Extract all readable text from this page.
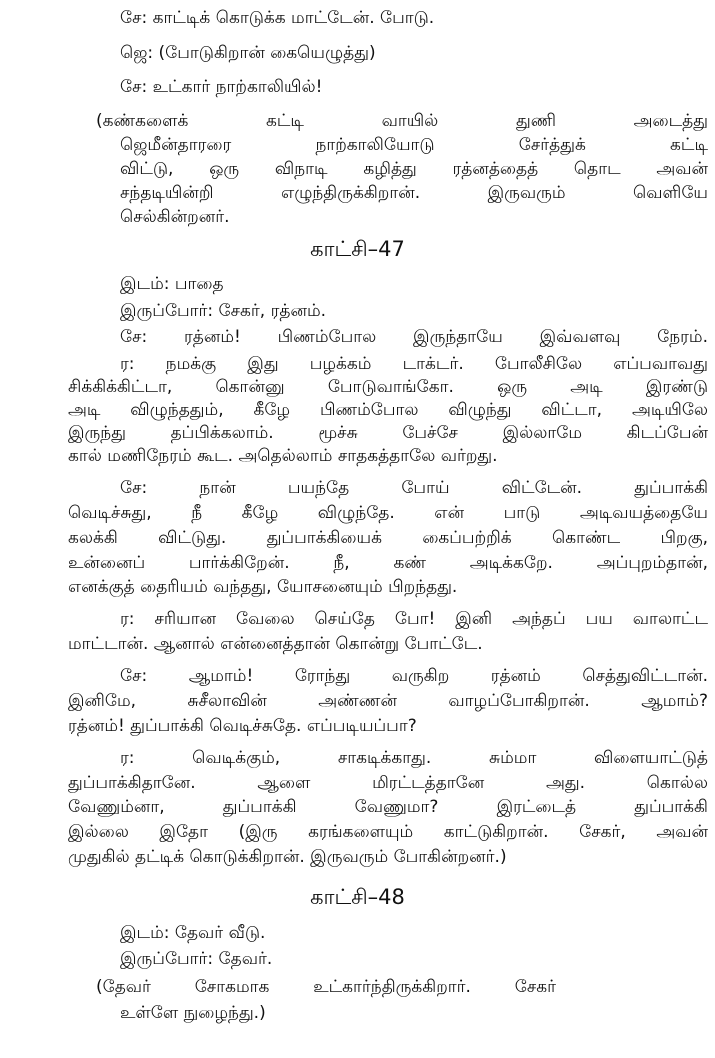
சே: காட்டிக் கொடுக்க மாட்டேன். போடு.
ஜெ: (போடுகிறான் கையெழுத்து)
சே: உட்கார் நாற்காலியில்!
(கண்களைக் கட்டி வாயில் துணி அடைத்து
ஜெமீன்தாரரை நாற்காலியோடு சேர்த்துக் கட்டி
விட்டு, ஒரு விநாடி கழித்து ரத்னத்தைத் தொட அவன்
சந்தடியின்றி எழுந்திருக்கிறான். இருவரும் வெளியே
செல்கின்றனர்.
காட்சி–47
இடம்: பாதை
இருப்போர்: சேகர், ரத்னம்.
சே: ரத்னம்! பிணம்போல இருந்தாயே இவ்வளவு நேரம்.
ர: நமக்கு இது பழக்கம் டாக்டர். போலீசிலே எப்பவாவது
சிக்கிக்கிட்டா, கொன்னு போடுவாங்கோ. ஒரு அடி இரண்டு
அடி விழுந்ததும், கீழே பிணம்போல விழுந்து விட்டா, அடியிலே
இருந்து தப்பிக்கலாம். மூச்சு பேச்சே இல்லாமே கிடப்பேன்
கால் மணிநேரம் கூட. அதெல்லாம் சாதகத்தாலே வர்றது.
சே: நான் பயந்தே போய் விட்டேன். துப்பாக்கி
வெடிச்சுது, நீ கீழே விழுந்தே. என் பாடு அடிவயத்தையே
கலக்கி விட்டுது. துப்பாக்கியைக் கைப்பற்றிக் கொண்ட பிறகு,
உன்னைப் பார்க்கிறேன். நீ, கண் அடிக்கறே. அப்புறம்தான்,
எனக்குத் தைரியம் வந்தது, யோசனையும் பிறந்தது.
ர: சரியான வேலை செய்தே போ! இனி அந்தப் பய வாலாட்ட
மாட்டான். ஆனால் என்னைத்தான் கொன்று போட்டே.
சே: ஆமாம்! ரோந்து வருகிற ரத்னம் செத்துவிட்டான்.
இனிமே, சுசீலாவின் அண்ணன் வாழப்போகிறான். ஆமாம்?
ரத்னம்! துப்பாக்கி வெடிச்சுதே. எப்படியப்பா?
ர: வெடிக்கும், சாகடிக்காது. சும்மா விளையாட்டுத்
துப்பாக்கிதானே. ஆளை மிரட்டத்தானே அது. கொல்ல
வேணும்னா, துப்பாக்கி வேணுமா? இரட்டைத் துப்பாக்கி
இல்லை இதோ (இரு கரங்களையும் காட்டுகிறான். சேகர், அவன்
முதுகில் தட்டிக் கொடுக்கிறான். இருவரும் போகின்றனர்.)
காட்சி–48
இடம்: தேவர் வீடு.
இருப்போர்: தேவர்.
(தேவர் சோகமாக உட்கார்ந்திருக்கிறார். சேகர்
உள்ளே நுழைந்து.)
